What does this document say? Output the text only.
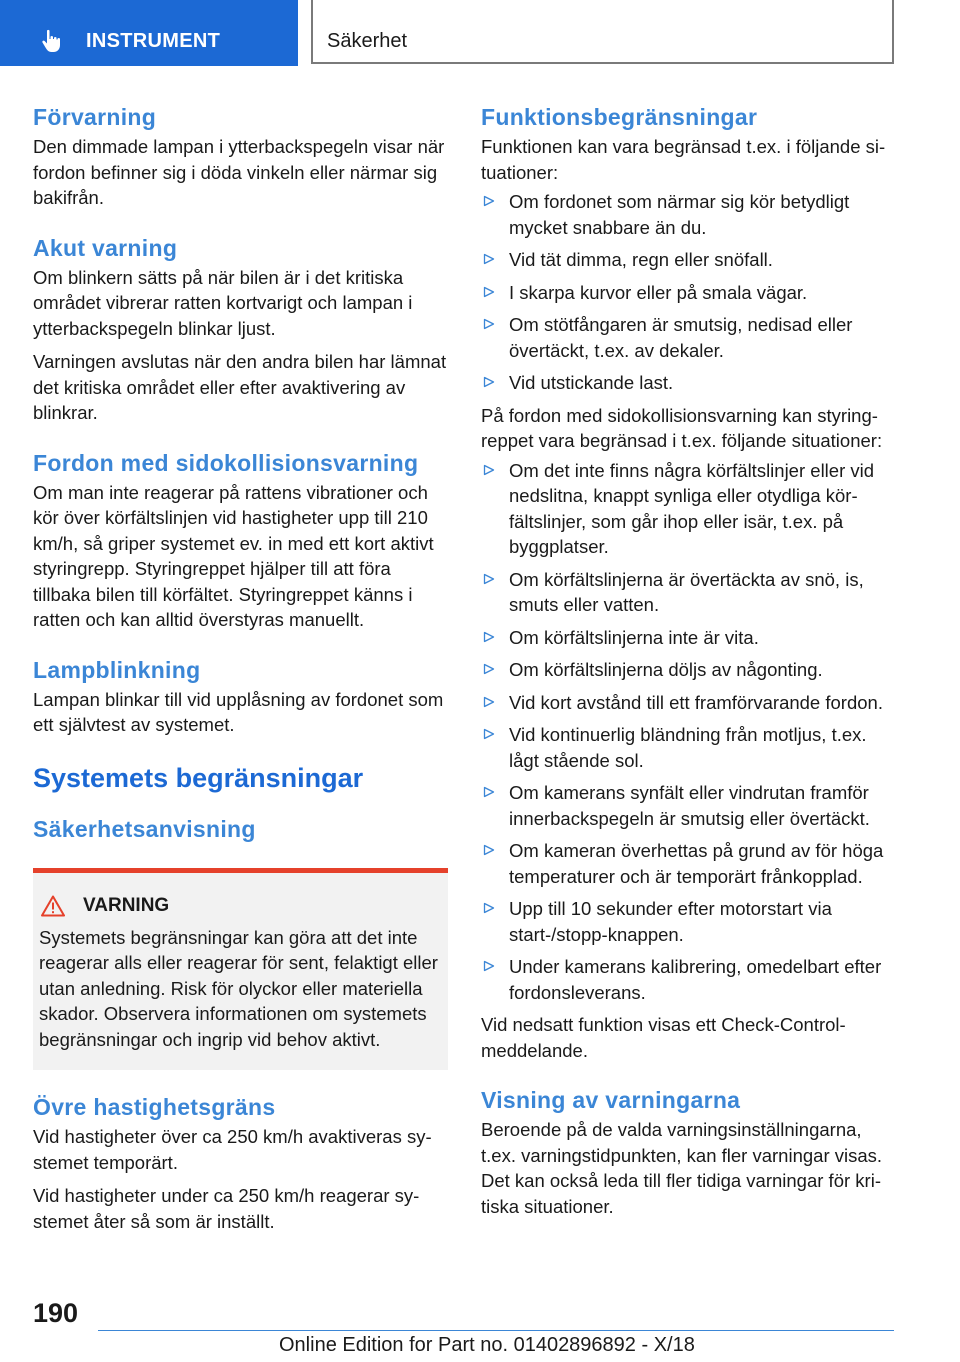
INSTRUMENT	Säkerhet
Förvarning

Den dimmade lampan i ytterbackspegeln visar när fordon befinner sig i döda vinkeln eller närmar sig bakifrån.

Akut varning

Om blinkern sätts på när bilen är i det kritiska området vibrerar ratten kortvarigt och lampan i ytterbackspegeln blinkar ljust.

Varningen avslutas när den andra bilen har lämnat det kritiska området eller efter avaktivering av blinkrar.

Fordon med sidokollisionsvarning

Om man inte reagerar på rattens vibrationer och kör över körfältslinjen vid hastigheter upp till 210 km/h, så griper systemet ev. in med ett kort aktivt styringrepp. Styringreppet hjälper till att föra tillbaka bilen till körfältet. Styringreppet känns i ratten och kan alltid överstyras manuellt.

Lampblinkning

Lampan blinkar till vid upplåsning av fordonet som ett självtest av systemet.

Systemets begränsningar
Säkerhetsanvisning
VARNING

Systemets begränsningar kan göra att det inte reagerar alls eller reagerar för sent, felaktigt eller utan anledning. Risk för olyckor eller materiella skador. Observera informationen om systemets begränsningar och ingrip vid behov aktivt.

Övre hastighetsgräns

Vid hastigheter över ca 250 km/h avaktiveras systemet temporärt.

Vid hastigheter under ca 250 km/h reagerar systemet åter så som är inställt.

Funktionsbegränsningar

Funktionen kan vara begränsad t.ex. i följande situationer:

Om fordonet som närmar sig kör betydligt mycket snabbare än du.
Vid tät dimma, regn eller snöfall.
I skarpa kurvor eller på smala vägar.
Om stötfångaren är smutsig, nedisad eller övertäckt, t.ex. av dekaler.
Vid utstickande last.

På fordon med sidokollisionsvarning kan styringreppet vara begränsad i t.ex. följande situationer:

Om det inte finns några körfältslinjer eller vid nedslitna, knappt synliga eller otydliga körfältslinjer, som går ihop eller isär, t.ex. på byggplatser.
Om körfältslinjerna är övertäckta av snö, is, smuts eller vatten.
Om körfältslinjerna inte är vita.
Om körfältslinjerna döljs av någonting.
Vid kort avstånd till ett framförvarande fordon.
Vid kontinuerlig bländning från motljus, t.ex. lågt stående sol.
Om kamerans synfält eller vindrutan framför innerbackspegeln är smutsig eller övertäckt.
Om kameran överhettas på grund av för höga temperaturer och är temporärt frånkopplad.
Upp till 10 sekunder efter motorstart via start-/stopp-knappen.
Under kamerans kalibrering, omedelbart efter fordonsleverans.

Vid nedsatt funktion visas ett Check-Control-meddelande.

Visning av varningarna

Beroende på de valda varningsinställningarna, t.ex. varningstidpunkten, kan fler varningar visas. Det kan också leda till fler tidiga varningar för kritiska situationer.

190
Online Edition for Part no. 01402896892 - X/18
